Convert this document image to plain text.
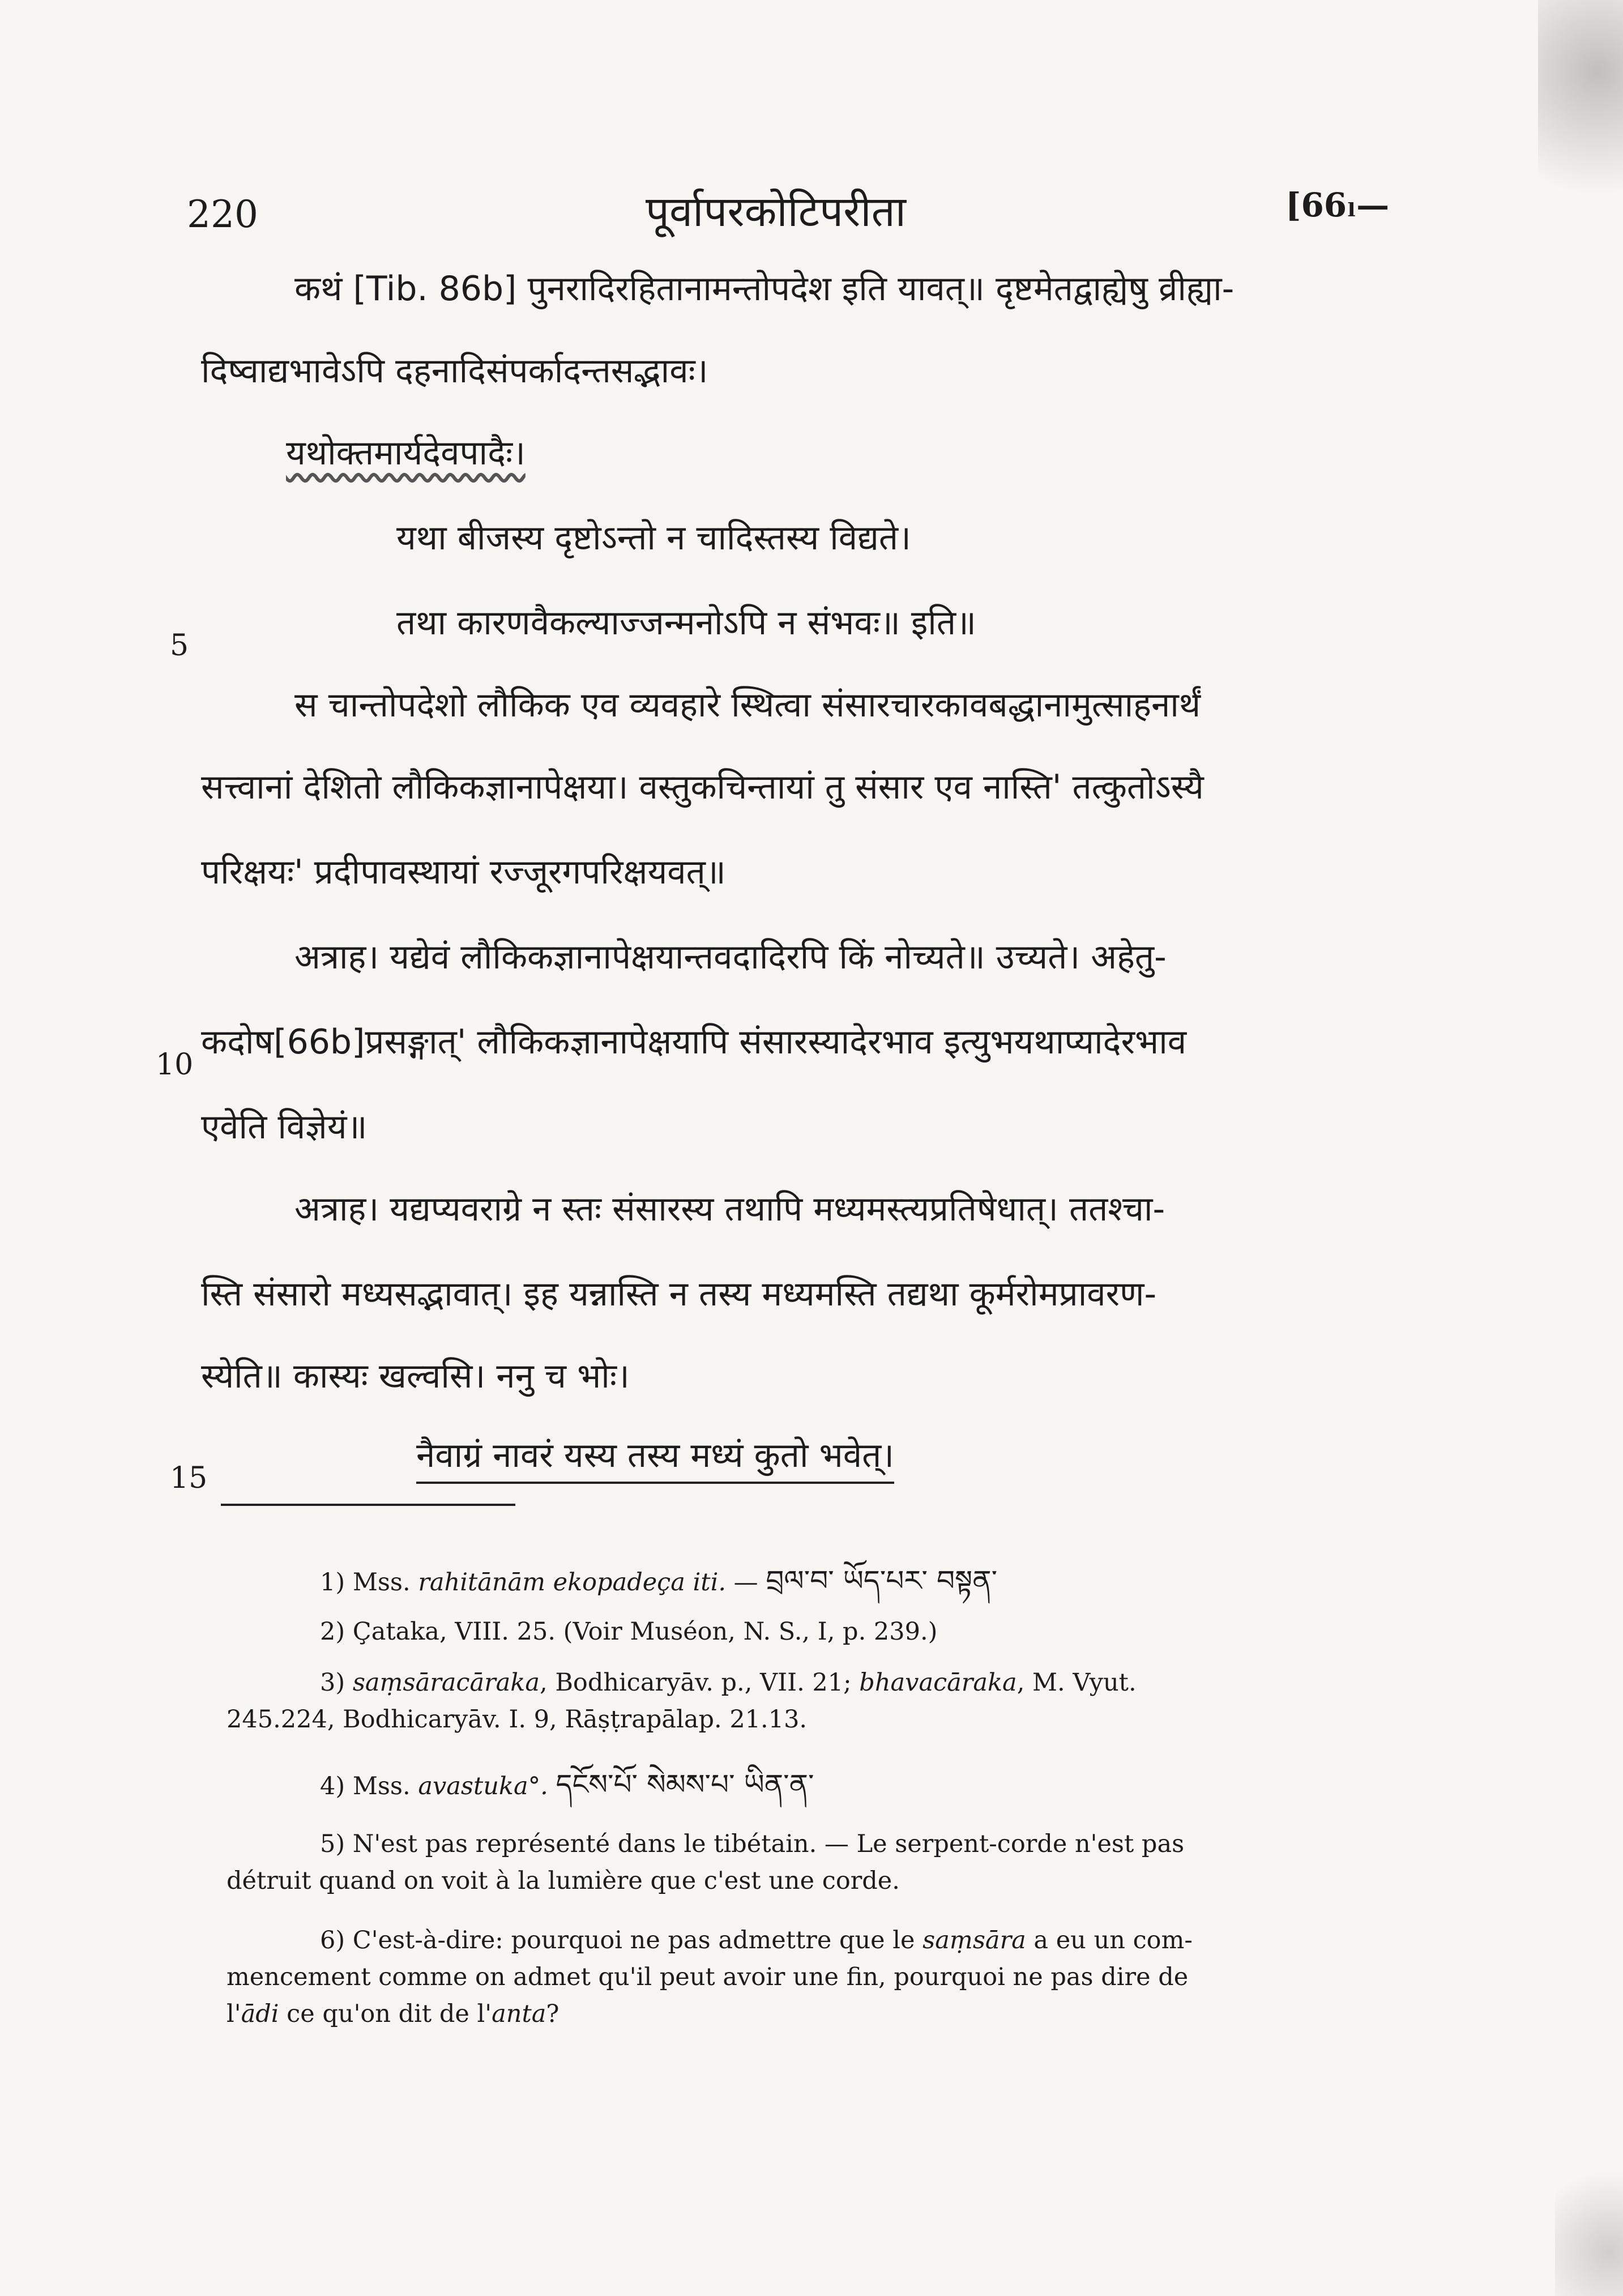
220	पूर्वापरकोटिपरीता	[66ₗ—
कथं [Tib. 86b] पुनरादिरहितानामन्तोपदेश इति यावत्॥ दृष्टमेतद्वाह्येषु व्रीह्या-
दिष्वाद्यभावेऽपि दहनादिसंपर्कादन्तसद्भावः।
यथोक्तमार्यदेवपादैः।
यथा बीजस्य दृष्टोऽन्तो न चादिस्तस्य विद्यते।
तथा कारणवैकल्याज्जन्मनोऽपि न संभवः॥ इति॥
स चान्तोपदेशो लौकिक एव व्यवहारे स्थित्वा संसारचारकावबद्धानामुत्साहनार्थं
सत्त्वानां देशितो लौकिकज्ञानापेक्षया। वस्तुकचिन्तायां तु संसार एव नास्ति' तत्कुतोऽस्यै
परिक्षयः' प्रदीपावस्थायां रज्जूरगपरिक्षयवत्॥
अत्राह। यद्येवं लौकिकज्ञानापेक्षयान्तवदादिरपि किं नोच्यते॥ उच्यते। अहेतु-
कदोष[66b]प्रसङ्गात्' लौकिकज्ञानापेक्षयापि संसारस्यादेरभाव इत्युभयथाप्यादेरभाव
एवेति विज्ञेयं॥
अत्राह। यद्यप्यवराग्रे न स्तः संसारस्य तथापि मध्यमस्त्यप्रतिषेधात्। ततश्चा-
स्ति संसारो मध्यसद्भावात्। इह यन्नास्ति न तस्य मध्यमस्ति तद्यथा कूर्मरोमप्रावरण-
स्येति॥ कास्यः खल्वसि। ननु च भोः।
नैवाग्रं नावरं यस्य तस्य मध्यं कुतो भवेत्।
5
10
15
1) Mss. rahitānām ekopadeça iti. — བྲལ་བ་ ཡོད་པར་ བསྟན་
2) Çataka, VIII. 25. (Voir Muséon, N. S., I, p. 239.)
3) saṃsāracāraka, Bodhicaryāv. p., VII. 21; bhavacāraka, M. Vyut.
245.224, Bodhicaryāv. I. 9, Rāṣṭrapālap. 21.13.
4) Mss. avastuka°. དངོས་པོ་ སེམས་པ་ ཡིན་ན་
5) N'est pas représenté dans le tibétain. — Le serpent-corde n'est pas
détruit quand on voit à la lumière que c'est une corde.
6) C'est-à-dire: pourquoi ne pas admettre que le saṃsāra a eu un com-
mencement comme on admet qu'il peut avoir une fin, pourquoi ne pas dire de
l'ādi ce qu'on dit de l'anta?
